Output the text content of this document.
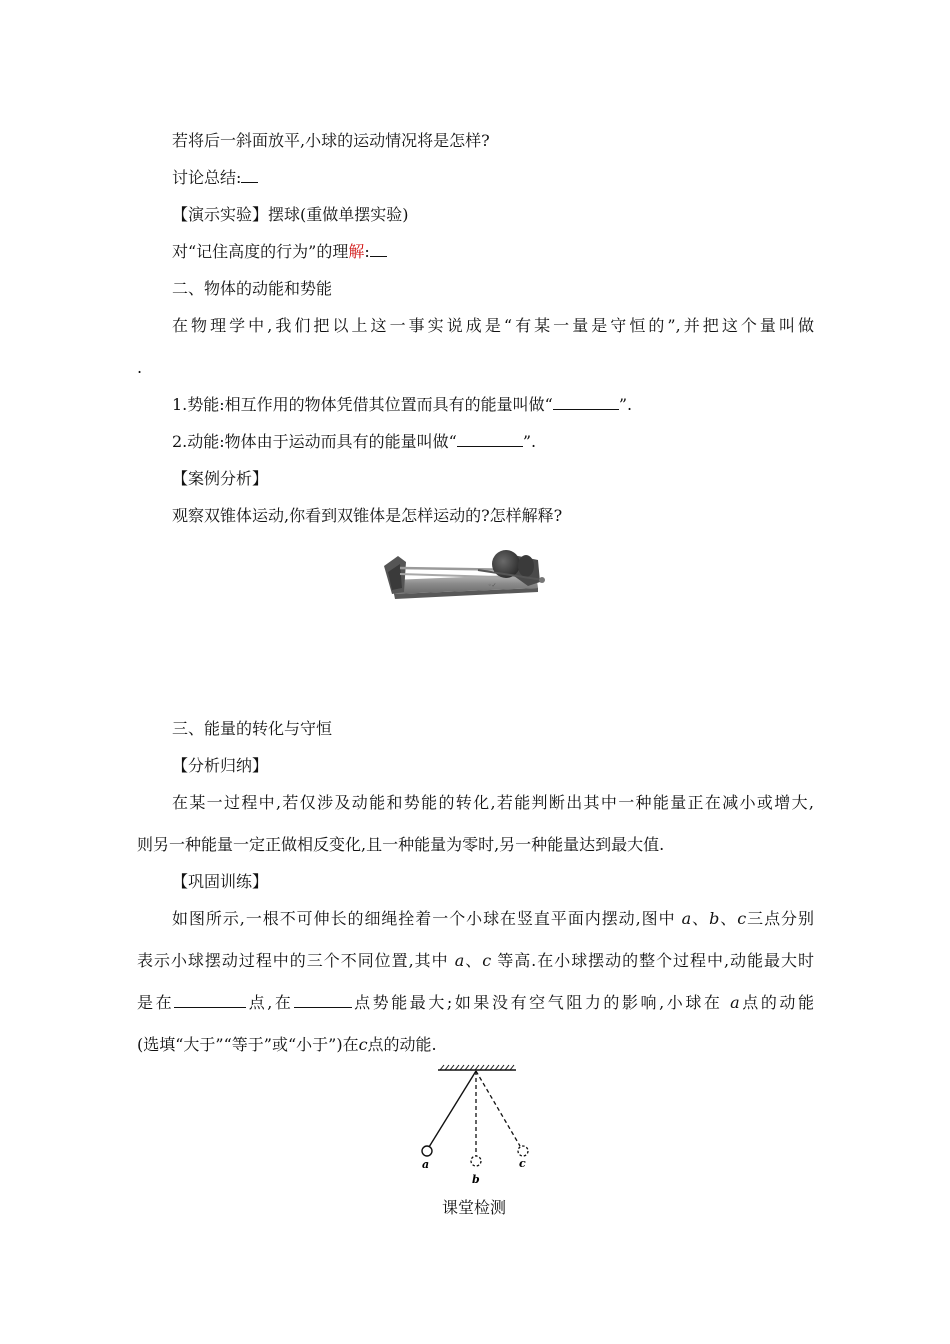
若将后一斜面放平,小球的运动情况将是怎样?
讨论总结:
【演示实验】摆球(重做单摆实验)
对“记住高度的行为”的理解:
二、物体的动能和势能
在物理学中,我们把以上这一事实说成是“有某一量是守恒的”,并把这个量叫做
.
1.势能:相互作用的物体凭借其位置而具有的能量叫做“	”.
2.动能:物体由于运动而具有的能量叫做“	”.
【案例分析】
观察双锥体运动,你看到双锥体是怎样运动的?怎样解释?
◦✓
三、能量的转化与守恒
【分析归纳】
在某一过程中,若仅涉及动能和势能的转化,若能判断出其中一种能量正在减小或增大,
则另一种能量一定正做相反变化,且一种能量为零时,另一种能量达到最大值.
【巩固训练】
如图所示,一根不可伸长的细绳拴着一个小球在竖直平面内摆动,图中 a、b、c三点分别
表示小球摆动过程中的三个不同位置,其中 a、c 等高.在小球摆动的整个过程中,动能最大时
是在	点,在	点势能最大;如果没有空气阻力的影响,小球在 a点的动能
(选填“大于”“等于”或“小于”)在c点的动能.
a
b
c
课堂检测
